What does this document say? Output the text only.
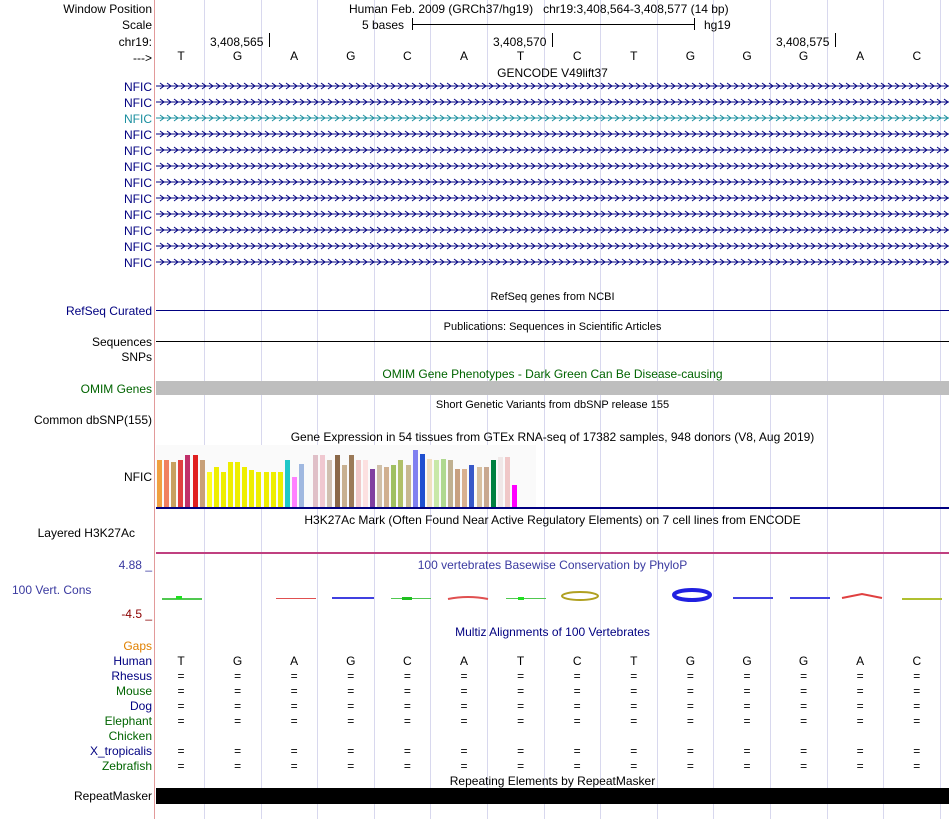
Window Position	Human Feb. 2009 (GRCh37/hg19) chr19:3,408,564-3,408,577 (14 bp)
Scale	5 bases	hg19
chr19:	3,408,565	3,408,570	3,408,575
--->	T	G	A	G	C	A	T	C	T	G	G	G	A	C
GENCODE V49lift37
NFIC
NFIC
NFIC
NFIC
NFIC
NFIC
NFIC
NFIC
NFIC
NFIC
NFIC
NFIC
RefSeq genes from NCBI
RefSeq Curated
Publications: Sequences in Scientific Articles
Sequences
SNPs
OMIM Gene Phenotypes - Dark Green Can Be Disease-causing
OMIM Genes
Short Genetic Variants from dbSNP release 155
Common dbSNP(155)
Gene Expression in 54 tissues from GTEx RNA-seq of 17382 samples, 948 donors (V8, Aug 2019)
NFIC
H3K27Ac Mark (Often Found Near Active Regulatory Elements) on 7 cell lines from ENCODE
Layered H3K27Ac
100 vertebrates Basewise Conservation by PhyloP
4.88 _
100 Vert. Cons
-4.5 _
Multiz Alignments of 100 Vertebrates
Gaps
Human	T	G	A	G	C	A	T	C	T	G	G	G	A	C
Rhesus	=	=	=	=	=	=	=	=	=	=	=	=	=	=
Mouse	=	=	=	=	=	=	=	=	=	=	=	=	=	=
Dog	=	=	=	=	=	=	=	=	=	=	=	=	=	=
Elephant	=	=	=	=	=	=	=	=	=	=	=	=	=	=
Chicken
X_tropicalis	=	=	=	=	=	=	=	=	=	=	=	=	=	=
Zebrafish	=	=	=	=	=	=	=	=	=	=	=	=	=	=
Repeating Elements by RepeatMasker
RepeatMasker
